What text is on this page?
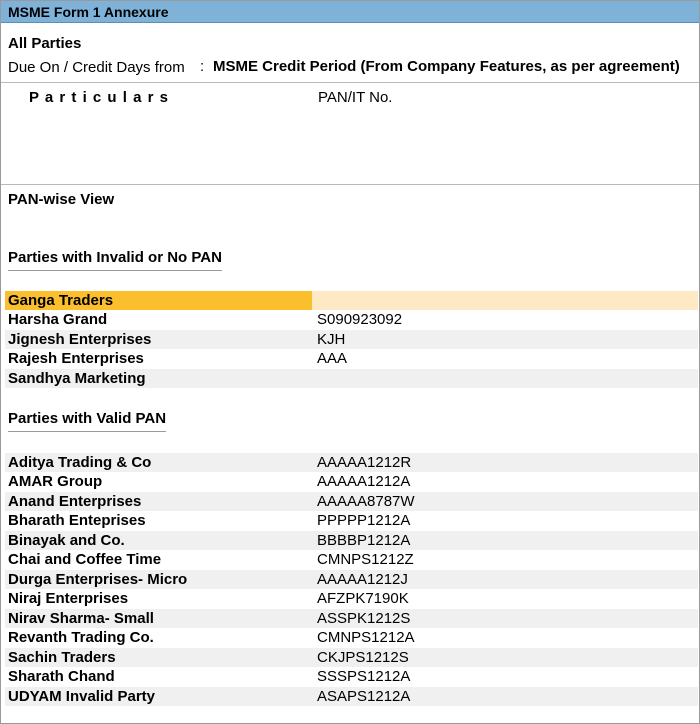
MSME Form 1 Annexure
All Parties
Due On / Credit Days from : MSME Credit Period (From Company Features, as per agreement)
P a r t i c u l a r s	PAN/IT No.
PAN-wise View
Parties with Invalid or No PAN
Ganga Traders
Harsha Grand	S090923092
Jignesh Enterprises	KJH
Rajesh Enterprises	AAA
Sandhya Marketing
Parties with Valid PAN
Aditya Trading & Co	AAAAA1212R
AMAR Group	AAAAA1212A
Anand Enterprises	AAAAA8787W
Bharath Enteprises	PPPPP1212A
Binayak and Co.	BBBBP1212A
Chai and Coffee Time	CMNPS1212Z
Durga Enterprises- Micro	AAAAA1212J
Niraj Enterprises	AFZPK7190K
Nirav Sharma- Small	ASSPK1212S
Revanth Trading Co.	CMNPS1212A
Sachin Traders	CKJPS1212S
Sharath Chand	SSSPS1212A
UDYAM Invalid Party	ASAPS1212A
